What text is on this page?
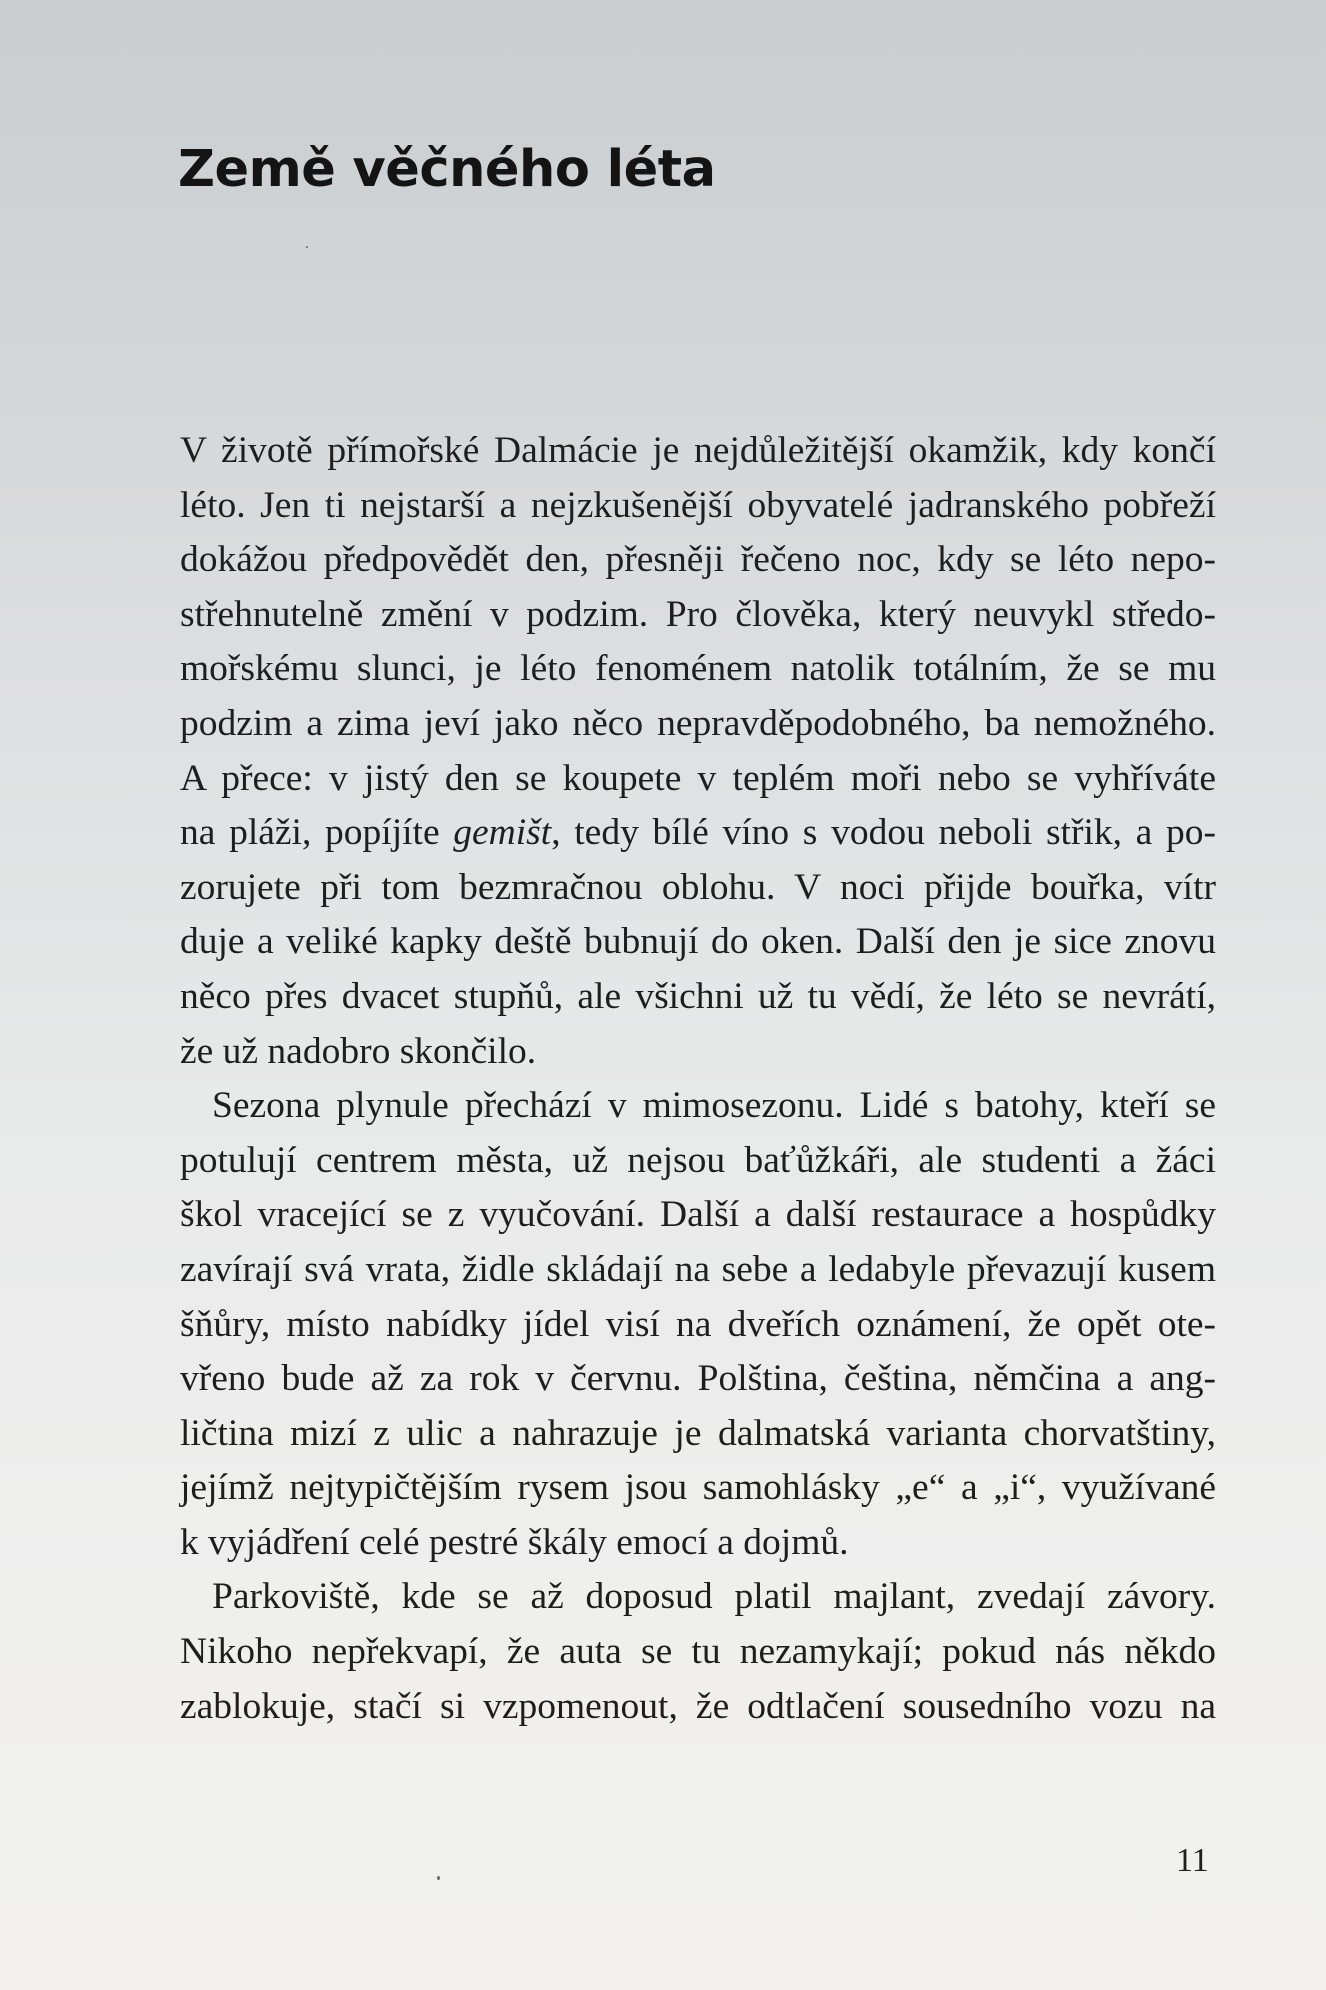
Země věčného léta
V životě přímořské Dalmácie je nejdůležitější okamžik, kdy končí
léto. Jen ti nejstarší a nejzkušenější obyvatelé jadranského pobřeží
dokážou předpovědět den, přesněji řečeno noc, kdy se léto nepo-
střehnutelně změní v podzim. Pro člověka, který neuvykl středo-
mořskému slunci, je léto fenoménem natolik totálním, že se mu
podzim a zima jeví jako něco nepravděpodobného, ba nemožného.
A přece: v jistý den se koupete v teplém moři nebo se vyhříváte
na pláži, popíjíte gemišt, tedy bílé víno s vodou neboli střik, a po-
zorujete při tom bezmračnou oblohu. V noci přijde bouřka, vítr
duje a veliké kapky deště bubnují do oken. Další den je sice znovu
něco přes dvacet stupňů, ale všichni už tu vědí, že léto se nevrátí,
že už nadobro skončilo.
Sezona plynule přechází v mimosezonu. Lidé s batohy, kteří se
potulují centrem města, už nejsou baťůžkáři, ale studenti a žáci
škol vracející se z vyučování. Další a další restaurace a hospůdky
zavírají svá vrata, židle skládají na sebe a ledabyle převazují kusem
šňůry, místo nabídky jídel visí na dveřích oznámení, že opět ote-
vřeno bude až za rok v červnu. Polština, čeština, němčina a ang-
ličtina mizí z ulic a nahrazuje je dalmatská varianta chorvatštiny,
jejímž nejtypičtějším rysem jsou samohlásky „e“ a „i“, využívané
k vyjádření celé pestré škály emocí a dojmů.
Parkoviště, kde se až doposud platil majlant, zvedají závory.
Nikoho nepřekvapí, že auta se tu nezamykají; pokud nás někdo
zablokuje, stačí si vzpomenout, že odtlačení sousedního vozu na
11
